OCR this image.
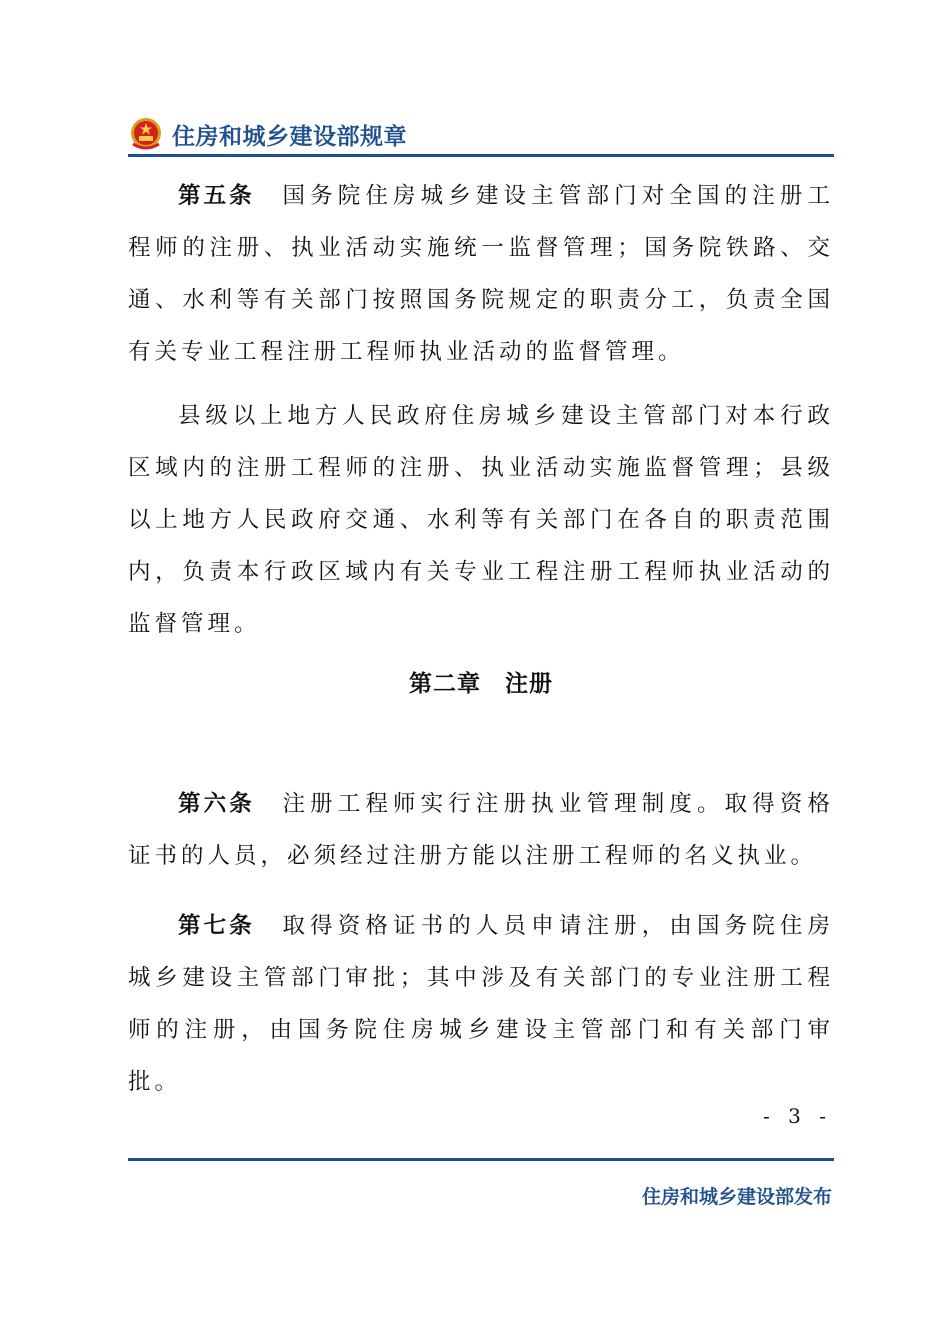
住房和城乡建设部规章

第五条　 国务院住房城乡建设主管部门对全国的注册工程师的注册、执业活动实施统一监督管理；国务院铁路、交通、水利等有关部门按照国务院规定的职责分工，负责全国有关专业工程注册工程师执业活动的监督管理。

县级以上地方人民政府住房城乡建设主管部门对本行政区域内的注册工程师的注册、执业活动实施监督管理；县级以上地方人民政府交通、水利等有关部门在各自的职责范围内，负责本行政区域内有关专业工程注册工程师执业活动的监督管理。

第二章　注册

第六条　 注册工程师实行注册执业管理制度。取得资格证书的人员，必须经过注册方能以注册工程师的名义执业。

第七条　 取得资格证书的人员申请注册，由国务院住房城乡建设主管部门审批；其中涉及有关部门的专业注册工程师的注册，由国务院住房城乡建设主管部门和有关部门审批。

- 3 -
住房和城乡建设部发布
